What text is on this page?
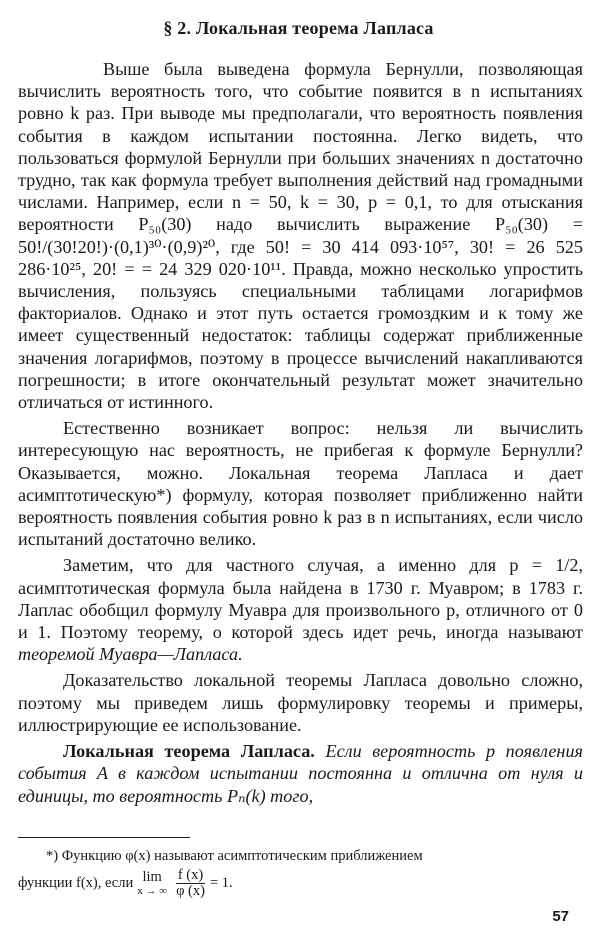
§ 2. Локальная теорема Лапласа

Выше была выведена формула Бернулли, позволяющая вычислить вероятность того, что событие появится в n испытаниях ровно k раз. При выводе мы предполагали, что вероятность появления события в каждом испытании постоянна. Легко видеть, что пользоваться формулой Бернулли при больших значениях n достаточно трудно, так как формула требует выполнения действий над громадными числами. Например, если n = 50, k = 30, p = 0,1, то для отыскания вероятности P₅₀(30) надо вычислить выражение P₅₀(30) = 50!/(30!20!)·(0,1)³⁰·(0,9)²⁰, где 50! = 30 414 093·10⁵⁷, 30! = 26 525 286·10²⁵, 20! = = 24 329 020·10¹¹. Правда, можно несколько упростить вычисления, пользуясь специальными таблицами логарифмов факториалов. Однако и этот путь остается громоздким и к тому же имеет существенный недостаток: таблицы содержат приближенные значения логарифмов, поэтому в процессе вычислений накапливаются погрешности; в итоге окончательный результат может значительно отличаться от истинного.

Естественно возникает вопрос: нельзя ли вычислить интересующую нас вероятность, не прибегая к формуле Бернулли? Оказывается, можно. Локальная теорема Лапласа и дает асимптотическую*) формулу, которая позволяет приближенно найти вероятность появления события ровно k раз в n испытаниях, если число испытаний достаточно велико.

Заметим, что для частного случая, а именно для p = 1/2, асимптотическая формула была найдена в 1730 г. Муавром; в 1783 г. Лаплас обобщил формулу Муавра для произвольного p, отличного от 0 и 1. Поэтому теорему, о которой здесь идет речь, иногда называют теоремой Муавра—Лапласа.

Доказательство локальной теоремы Лапласа довольно сложно, поэтому мы приведем лишь формулировку теоремы и примеры, иллюстрирующие ее использование.

Локальная теорема Лапласа. Если вероятность p появления события A в каждом испытании постоянна и отлична от нуля и единицы, то вероятность Pₙ(k) того,

*) Функцию φ(x) называют асимптотическим приближением
функции f(x), если lim
x → ∞ $\frac{f (x)}{\varphi (x)} = 1$.
57
